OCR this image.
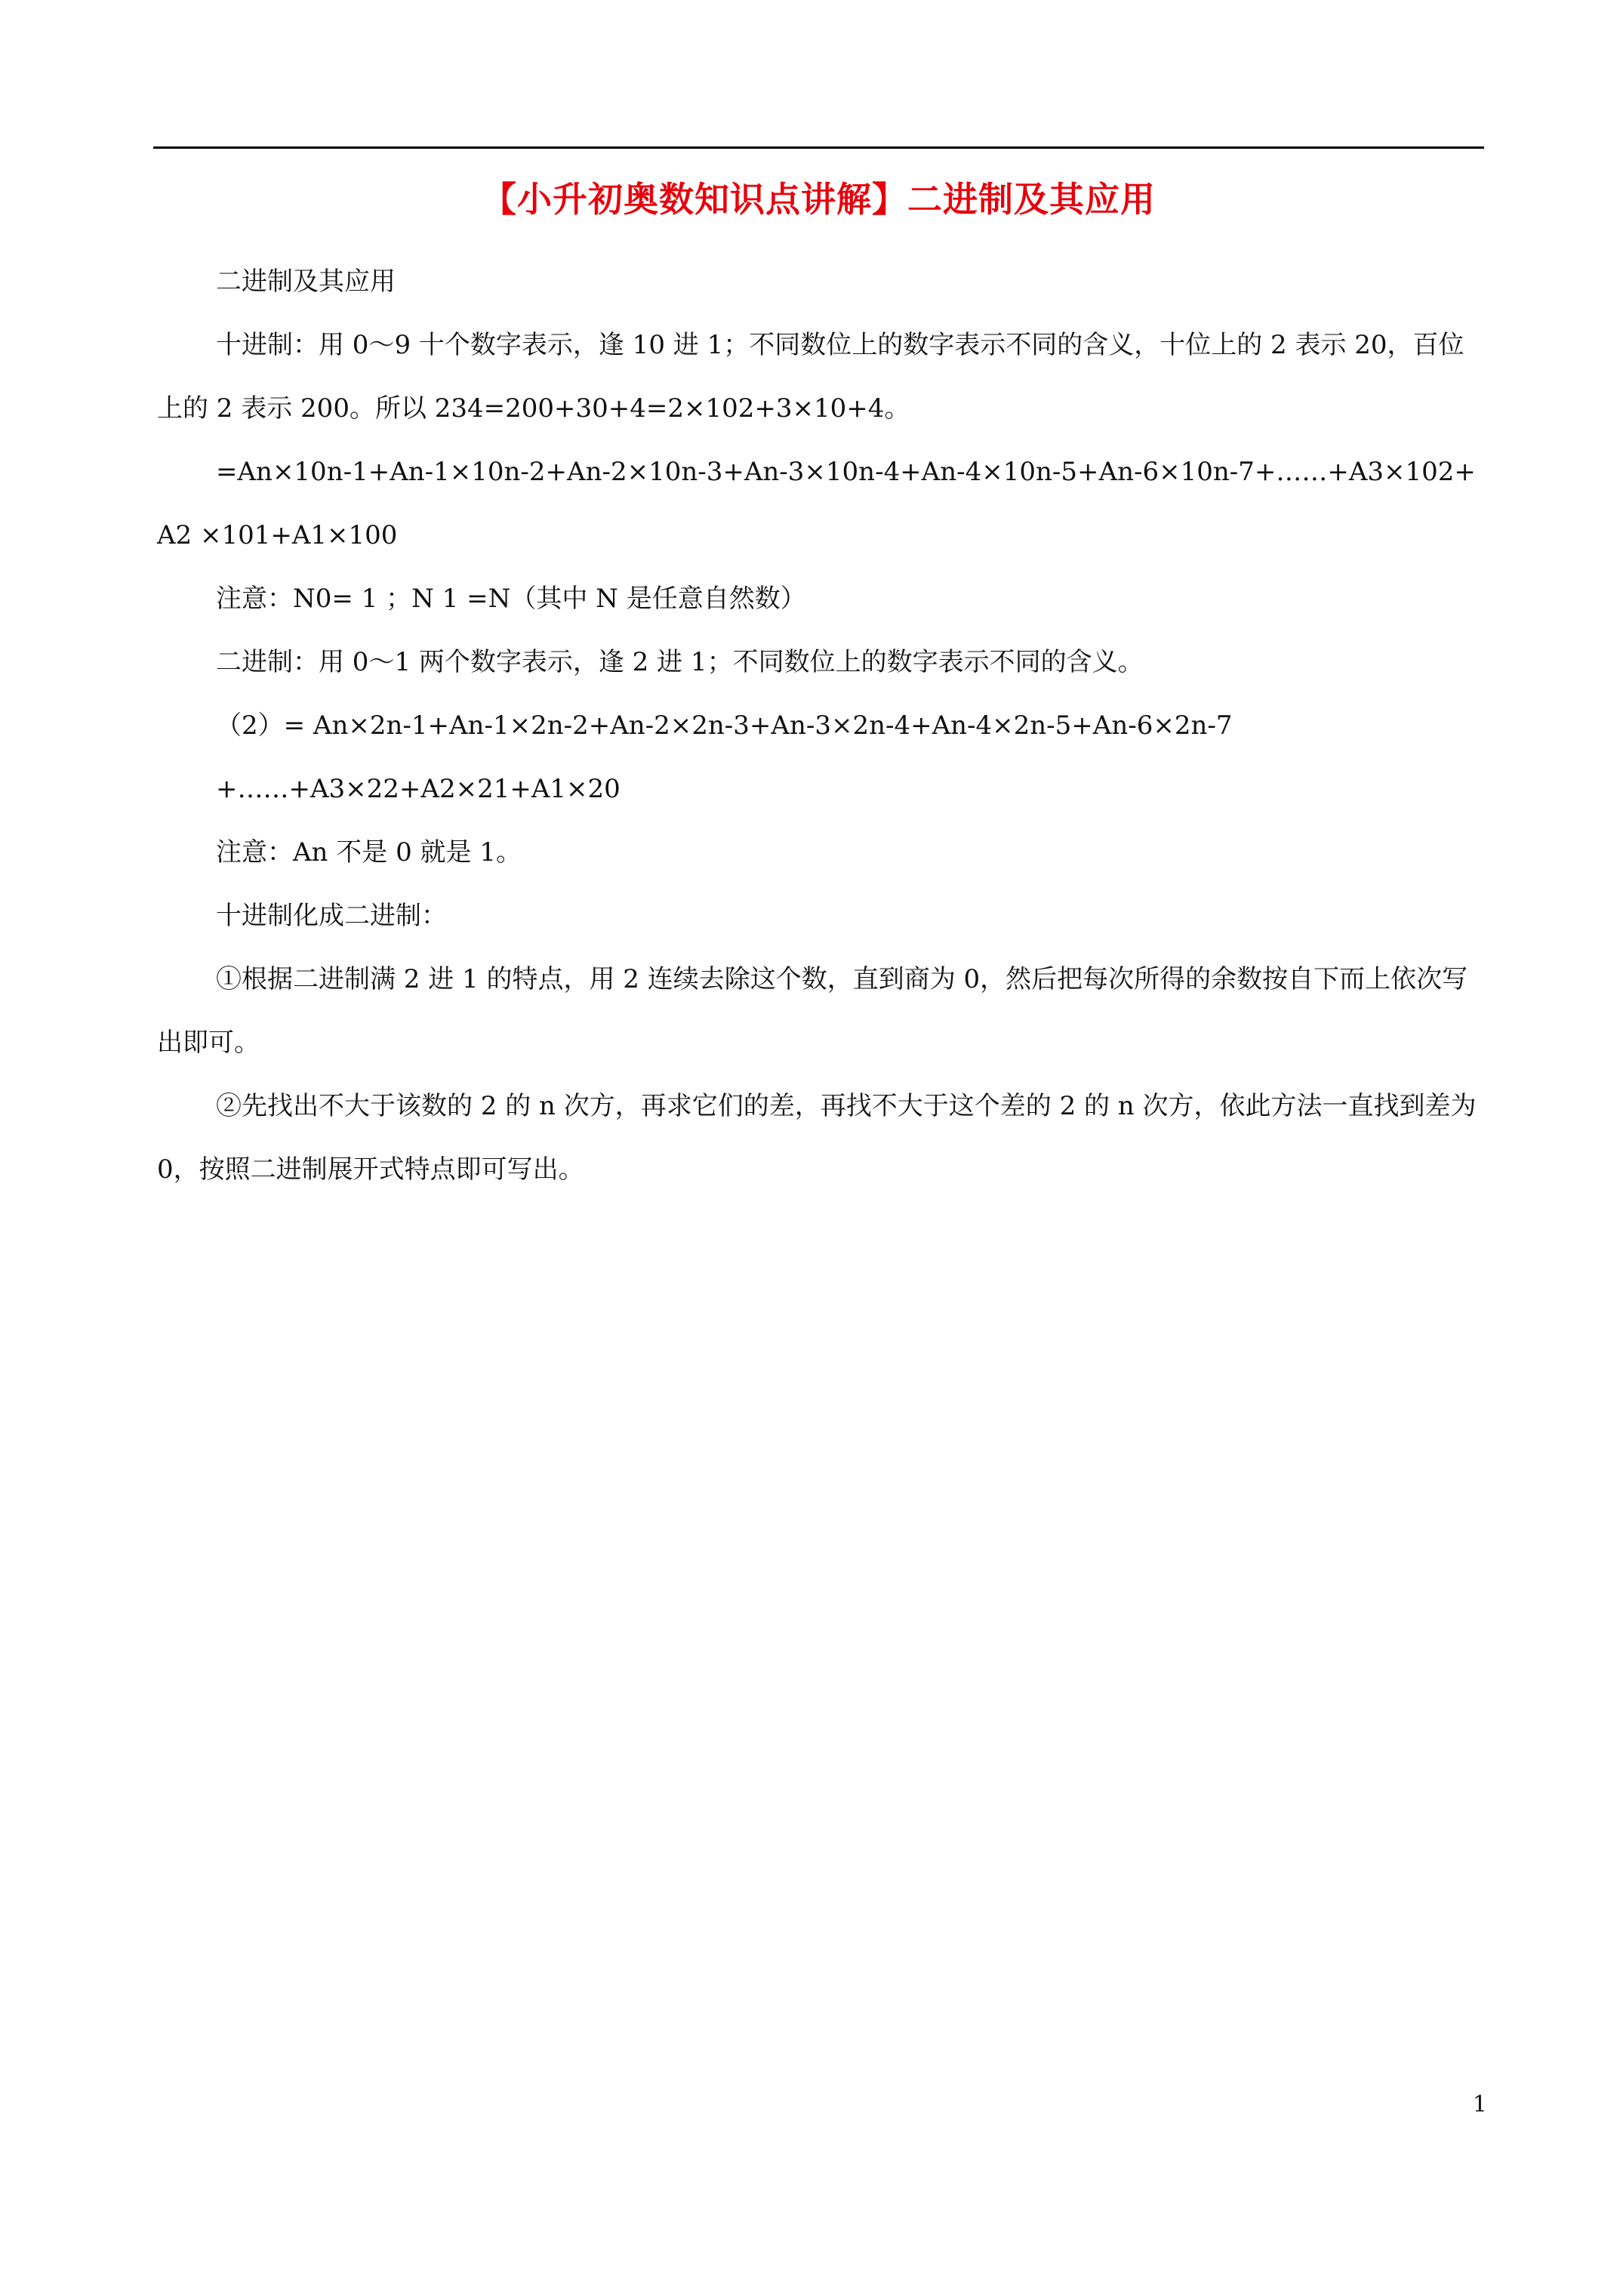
【小升初奥数知识点讲解】二进制及其应用

二进制及其应用

十进制：用 0～9 十个数字表示，逢 10 进 1；不同数位上的数字表示不同的含义，十位上的 2 表示 20，百位上的 2 表示 200。所以 234=200+30+4=2×102+3×10+4。

=An×10n-1+An-1×10n-2+An-2×10n-3+An-3×10n-4+An-4×10n-5+An-6×10n-7+……+A3×102+A2 ×101+A1×100

注意：N0= 1 ；N 1 =N（其中 N 是任意自然数）

二进制：用 0～1 两个数字表示，逢 2 进 1；不同数位上的数字表示不同的含义。

（2）= An×2n-1+An-1×2n-2+An-2×2n-3+An-3×2n-4+An-4×2n-5+An-6×2n-7

+……+A3×22+A2×21+A1×20

注意：An 不是 0 就是 1。

十进制化成二进制：

①根据二进制满 2 进 1 的特点，用 2 连续去除这个数，直到商为 0，然后把每次所得的余数按自下而上依次写出即可。

②先找出不大于该数的 2 的 n 次方，再求它们的差，再找不大于这个差的 2 的 n 次方，依此方法一直找到差为 0，按照二进制展开式特点即可写出。

1
